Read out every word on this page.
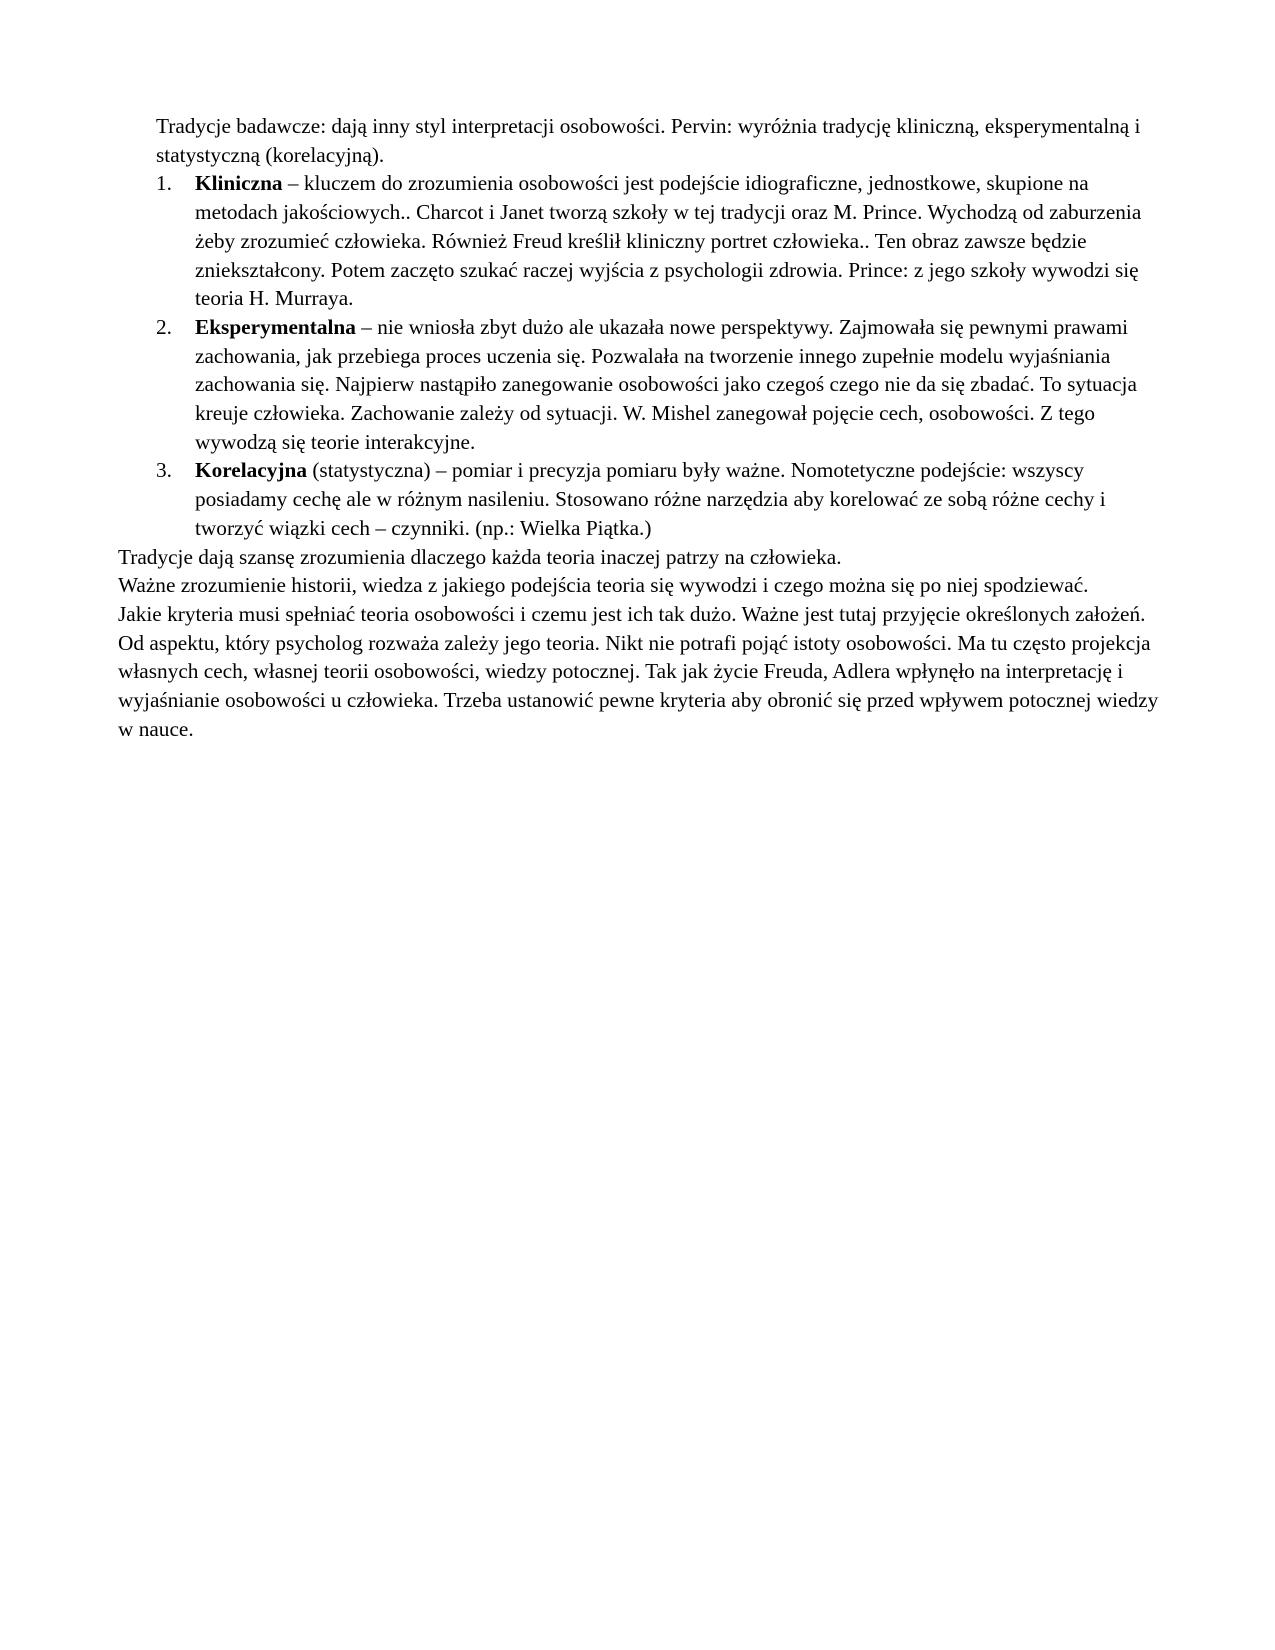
Tradycje badawcze: dają inny styl interpretacji osobowości. Pervin: wyróżnia tradycję kliniczną, eksperymentalną i statystyczną (korelacyjną).

1. Kliniczna – kluczem do zrozumienia osobowości jest podejście idiograficzne, jednostkowe, skupione na metodach jakościowych.. Charcot i Janet tworzą szkoły w tej tradycji oraz M. Prince. Wychodzą od zaburzenia żeby zrozumieć człowieka. Również Freud kreślił kliniczny portret człowieka.. Ten obraz zawsze będzie zniekształcony. Potem zaczęto szukać raczej wyjścia z psychologii zdrowia. Prince: z jego szkoły wywodzi się teoria H. Murraya.
2. Eksperymentalna – nie wniosła zbyt dużo ale ukazała nowe perspektywy. Zajmowała się pewnymi prawami zachowania, jak przebiega proces uczenia się. Pozwalała na tworzenie innego zupełnie modelu wyjaśniania zachowania się. Najpierw nastąpiło zanegowanie osobowości jako czegoś czego nie da się zbadać. To sytuacja kreuje człowieka. Zachowanie zależy od sytuacji. W. Mishel zanegował pojęcie cech, osobowości. Z tego wywodzą się teorie interakcyjne.
3. Korelacyjna (statystyczna) – pomiar i precyzja pomiaru były ważne. Nomotetyczne podejście: wszyscy posiadamy cechę ale w różnym nasileniu. Stosowano różne narzędzia aby korelować ze sobą różne cechy i tworzyć wiązki cech – czynniki. (np.: Wielka Piątka.)

Tradycje dają szansę zrozumienia dlaczego każda teoria inaczej patrzy na człowieka.

Ważne zrozumienie historii, wiedza z jakiego podejścia teoria się wywodzi i czego można się po niej spodziewać.

Jakie kryteria musi spełniać teoria osobowości i czemu jest ich tak dużo. Ważne jest tutaj przyjęcie określonych założeń. Od aspektu, który psycholog rozważa zależy jego teoria. Nikt nie potrafi pojąć istoty osobowości. Ma tu często projekcja własnych cech, własnej teorii osobowości, wiedzy potocznej. Tak jak życie Freuda, Adlera wpłynęło na interpretację i wyjaśnianie osobowości u człowieka. Trzeba ustanowić pewne kryteria aby obronić się przed wpływem potocznej wiedzy w nauce.
